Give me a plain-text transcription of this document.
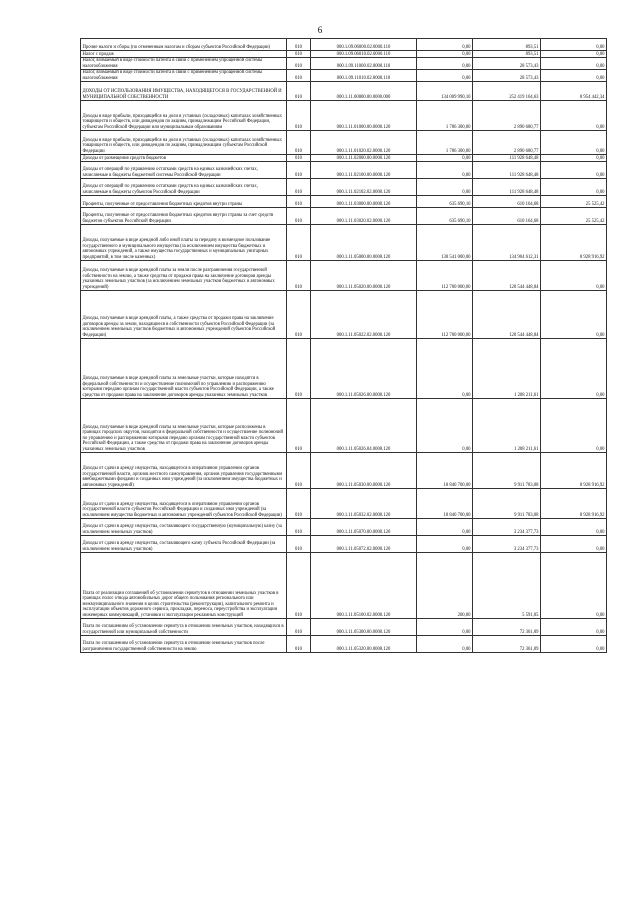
6
Прочие налоги и сборы (по отмененным налогам и сборам субъектов Российской Федерации)	010	000.1.09.06000.02.0000.110	0,00	893,51	0,00
Налог с продаж	010	000.1.09.06010.02.0000.110	0,00	893,51	0,00
Налог, взимаемый в виде стоимости патента в связи с применением упрощенной системы налогообложения	010	000.1.09.11000.02.0000.110	0,00	28 573,43	0,00
Налог, взимаемый в виде стоимости патента в связи с применением упрощенной системы налогообложения	010	000.1.09.11010.02.0000.110	0,00	28 573,43	0,00
ДОХОДЫ ОТ ИСПОЛЬЗОВАНИЯ ИМУЩЕСТВА, НАХОДЯЩЕГОСЯ В ГОСУДАРСТВЕННОЙ И МУНИЦИПАЛЬНОЙ СОБСТВЕННОСТИ	010	000.1.11.00000.00.0000.000	134 009 990,10	252 419 164,63	8 954 442,34
Доходы в виде прибыли, приходящейся на доли в уставных (складочных) капиталах хозяйственных товариществ и обществ, или дивидендов по акциям, принадлежащим Российской Федерации, субъектам Российской Федерации или муниципальным образованиям	010	000.1.11.01000.00.0000.120	1 786 300,00	2 890 680,77	0,00
Доходы в виде прибыли, приходящейся на доли в уставных (складочных) капиталах хозяйственных товариществ и обществ, или дивидендов по акциям, принадлежащим субъектам Российской Федерации	010	000.1.11.01020.02.0000.120	1 786 300,00	2 890 680,77	0,00
Доходы от размещения средств бюджетов	010	000.1.11.02000.00.0000.120	0,00	111 928 648,48	0,00
Доходы от операций по управлению остатками средств на единых казначейских счетах, зачисляемые в бюджеты бюджетной системы Российской Федерации	010	000.1.11.02100.00.0000.120	0,00	111 928 648,48	0,00
Доходы от операций по управлению остатками средств на единых казначейских счетах, зачисляемые в бюджеты субъектов Российской Федерации	010	000.1.11.02102.02.0000.120	0,00	111 928 648,48	0,00
Проценты, полученные от предоставления бюджетных кредитов внутри страны	010	000.1.11.03000.00.0000.120	635 690,10	610 164,68	25 525,42
Проценты, полученные от предоставления бюджетных кредитов внутри страны за счет средств бюджетов субъектов Российской Федерации	010	000.1.11.03020.02.0000.120	635 690,10	610 164,68	25 525,42
Доходы, получаемые в виде арендной либо иной платы за передачу в возмездное пользование государственного и муниципального имущества (за исключением имущества бюджетных и автономных учреждений, а также имущества государственных и муниципальных унитарных предприятий, в том числе казенных)	010	000.1.11.05000.00.0000.120	130 541 000,00	134 904 612,31	8 928 916,92
Доходы, получаемые в виде арендной платы за земли после разграничения государственной собственности на землю, а также средства от продажи права на заключение договоров аренды указанных земельных участков (за исключением земельных участков бюджетных и автономных учреждений)	010	000.1.11.05020.00.0000.120	112 700 000,00	120 544 448,84	0,00
Доходы, получаемые в виде арендной платы, а также средства от продажи права на заключение договоров аренды за земли, находящиеся в собственности субъектов Российской Федерации (за исключением земельных участков бюджетных и автономных учреждений субъектов Российской Федерации)	010	000.1.11.05022.02.0000.120	112 700 000,00	120 544 448,84	0,00
Доходы, получаемые в виде арендной платы за земельные участки, которые находятся в федеральной собственности и осуществление полномочий по управлению и распоряжению которыми передано органам государственной власти субъектов Российской Федерации, а также средства от продажи права на заключение договоров аренды указанных земельных участков	010	000.1.11.05026.00.0000.120	0,00	1 208 211,61	0,00
Доходы, получаемые в виде арендной платы за земельные участки, которые расположены в границах городских округов, находятся в федеральной собственности и осуществление полномочий по управлению и распоряжению которыми передано органам государственной власти субъектов Российской Федерации, а также средства от продажи права на заключение договоров аренды указанных земельных участков	010	000.1.11.05026.04.0000.120	0,00	1 208 211,61	0,00
Доходы от сдачи в аренду имущества, находящегося в оперативном управлении органов государственной власти, органов местного самоуправления, органов управления государственными внебюджетными фондами и созданных ими учреждений (за исключением имущества бюджетных и автономных учреждений)	010	000.1.11.05030.00.0000.120	18 840 700,00	9 911 783,08	8 928 916,92
Доходы от сдачи в аренду имущества, находящегося в оперативном управлении органов государственной власти субъектов Российской Федерации и созданных ими учреждений (за исключением имущества бюджетных и автономных учреждений субъектов Российской Федерации)	010	000.1.11.05032.02.0000.120	18 840 700,00	9 911 783,08	8 928 916,92
Доходы от сдачи в аренду имущества, составляющего государственную (муниципальную) казну (за исключением земельных участков)	010	000.1.11.05070.00.0000.120	0,00	3 234 377,73	0,00
Доходы от сдачи в аренду имущества, составляющего казну субъекта Российской Федерации (за исключением земельных участков)	010	000.1.11.05072.02.0000.120	0,00	3 234 377,73	0,00
Плата от реализации соглашений об установлении сервитутов в отношении земельных участков в границах полос отвода автомобильных дорог общего пользования регионального или межмуниципального значения в целях строительства (реконструкции), капитального ремонта и эксплуатации объектов дорожного сервиса, прокладки, переноса, переустройства и эксплуатации инженерных коммуникаций, установки и эксплуатации рекламных конструкций	010	000.1.11.05100.02.0000.120	200,00	5 591,05	0,00
Плата по соглашениям об установлении сервитута в отношении земельных участков, находящихся в государственной или муниципальной собственности	010	000.1.11.05300.00.0000.120	0,00	72 361,09	0,00
Плата по соглашениям об установлении сервитута в отношении земельных участков после разграничения государственной собственности на землю	010	000.1.11.05320.00.0000.120	0,00	72 361,09	0,00
